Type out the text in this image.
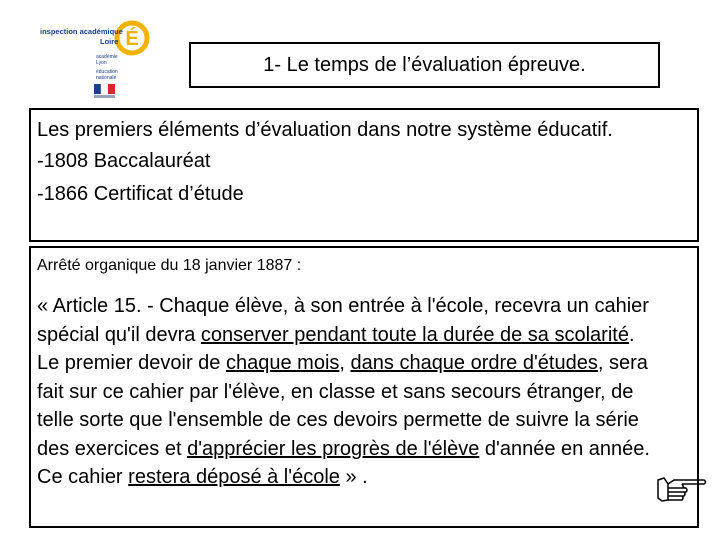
É
inspection académique
Loire
académie
Lyon
éducation
nationale
1- Le temps de l’évaluation épreuve.

Les premiers éléments d’évaluation dans notre système éducatif.

-1808 Baccalauréat

-1866 Certificat d’étude

Arrêté organique du 18 janvier 1887 :

« Article 15. - Chaque élève, à son entrée à l'école, recevra un cahier spécial qu'il devra conserver pendant toute la durée de sa scolarité. Le premier devoir de chaque mois, dans chaque ordre d'études, sera fait sur ce cahier par l'élève, en classe et sans secours étranger, de telle sorte que l'ensemble de ces devoirs permette de suivre la série des exercices et d'apprécier les progrès de l'élève d'année en année. Ce cahier restera déposé à l'école » .
